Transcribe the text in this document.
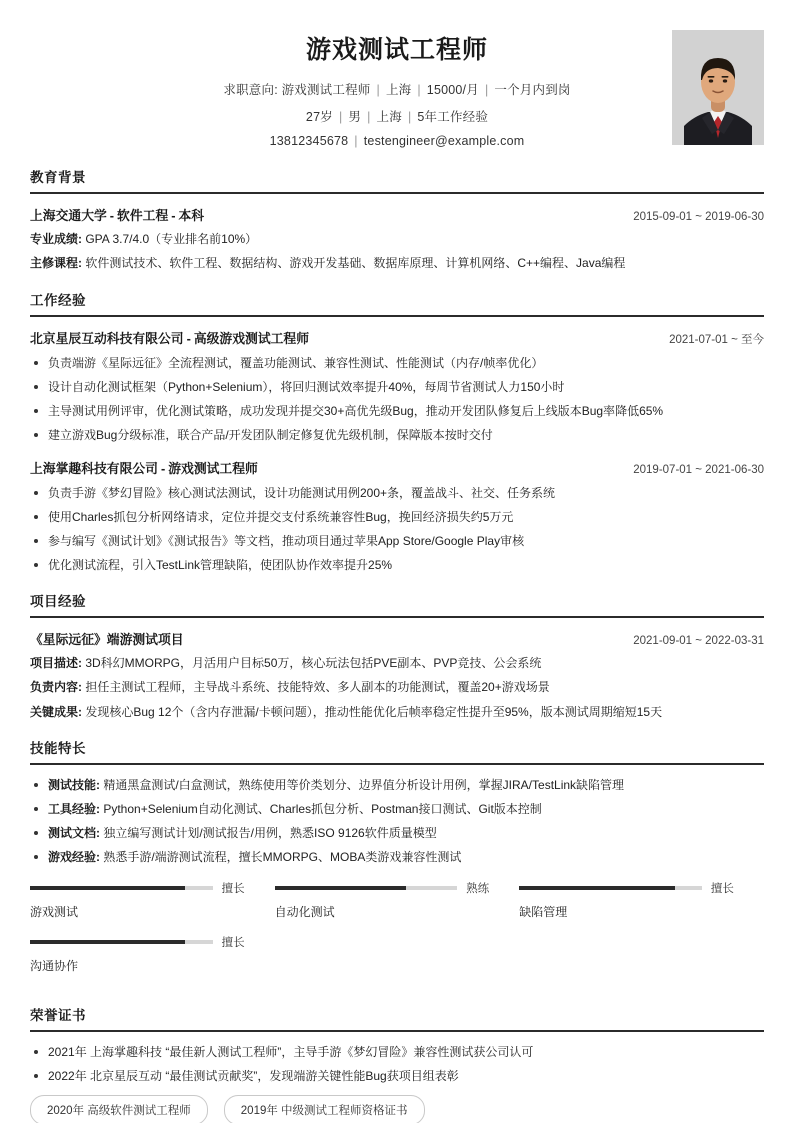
游戏测试工程师
求职意向: 游戏测试工程师 | 上海 | 15000/月 | 一个月内到岗
27岁 | 男 | 上海 | 5年工作经验
13812345678 | testengineer@example.com
教育背景
上海交通大学 - 软件工程 - 本科	2015-09-01 ~ 2019-06-30
专业成绩: GPA 3.7/4.0（专业排名前10%）
主修课程: 软件测试技术、软件工程、数据结构、游戏开发基础、数据库原理、计算机网络、C++编程、Java编程
工作经验
北京星辰互动科技有限公司 - 高级游戏测试工程师	2021-07-01 ~ 至今
负责端游《星际远征》全流程测试，覆盖功能测试、兼容性测试、性能测试（内存/帧率优化）
设计自动化测试框架（Python+Selenium），将回归测试效率提升40%，每周节省测试人力150小时
主导测试用例评审，优化测试策略，成功发现并提交30+高优先级Bug，推动开发团队修复后上线版本Bug率降低65%
建立游戏Bug分级标准，联合产品/开发团队制定修复优先级机制，保障版本按时交付
上海掌趣科技有限公司 - 游戏测试工程师	2019-07-01 ~ 2021-06-30
负责手游《梦幻冒险》核心测试法测试，设计功能测试用例200+条，覆盖战斗、社交、任务系统
使用Charles抓包分析网络请求，定位并提交支付系统兼容性Bug，挽回经济损失约5万元
参与编写《测试计划》《测试报告》等文档，推动项目通过苹果App Store/Google Play审核
优化测试流程，引入TestLink管理缺陷，使团队协作效率提升25%
项目经验
《星际远征》端游测试项目	2021-09-01 ~ 2022-03-31
项目描述: 3D科幻MMORPG，月活用户目标50万，核心玩法包括PVE副本、PVP竞技、公会系统
负责内容: 担任主测试工程师，主导战斗系统、技能特效、多人副本的功能测试，覆盖20+游戏场景
关键成果: 发现核心Bug 12个（含内存泄漏/卡顿问题），推动性能优化后帧率稳定性提升至95%，版本测试周期缩短15天
技能特长
测试技能: 精通黑盒测试/白盒测试，熟练使用等价类划分、边界值分析设计用例，掌握JIRA/TestLink缺陷管理
工具经验: Python+Selenium自动化测试、Charles抓包分析、Postman接口测试、Git版本控制
测试文档: 独立编写测试计划/测试报告/用例，熟悉ISO 9126软件质量模型
游戏经验: 熟悉手游/端游测试流程，擅长MMORPG、MOBA类游戏兼容性测试
擅长
游戏测试
熟练
自动化测试
擅长
缺陷管理
擅长
沟通协作
荣誉证书
2021年 上海掌趣科技 “最佳新人测试工程师”，主导手游《梦幻冒险》兼容性测试获公司认可
2022年 北京星辰互动 “最佳测试贡献奖”，发现端游关键性能Bug获项目组表彰
2020年 高级软件测试工程师	2019年 中级测试工程师资格证书
